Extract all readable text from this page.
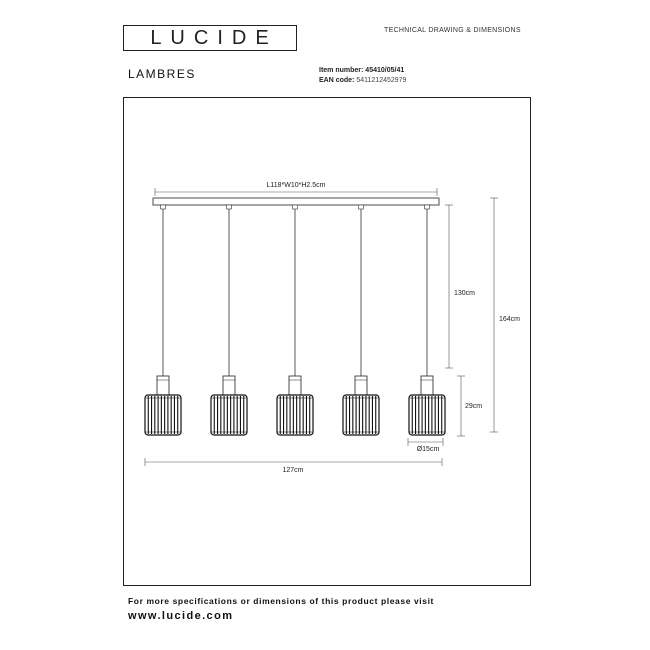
LUCIDE	TECHNICAL DRAWING & DIMENSIONS
LAMBRES	Item number: 45410/05/41
EAN code: 5411212452979
L118*W10*H2.5cm
130cm
164cm
29cm
Ø15cm
127cm
For more specifications or dimensions of this product please visit
www.lucide.com
